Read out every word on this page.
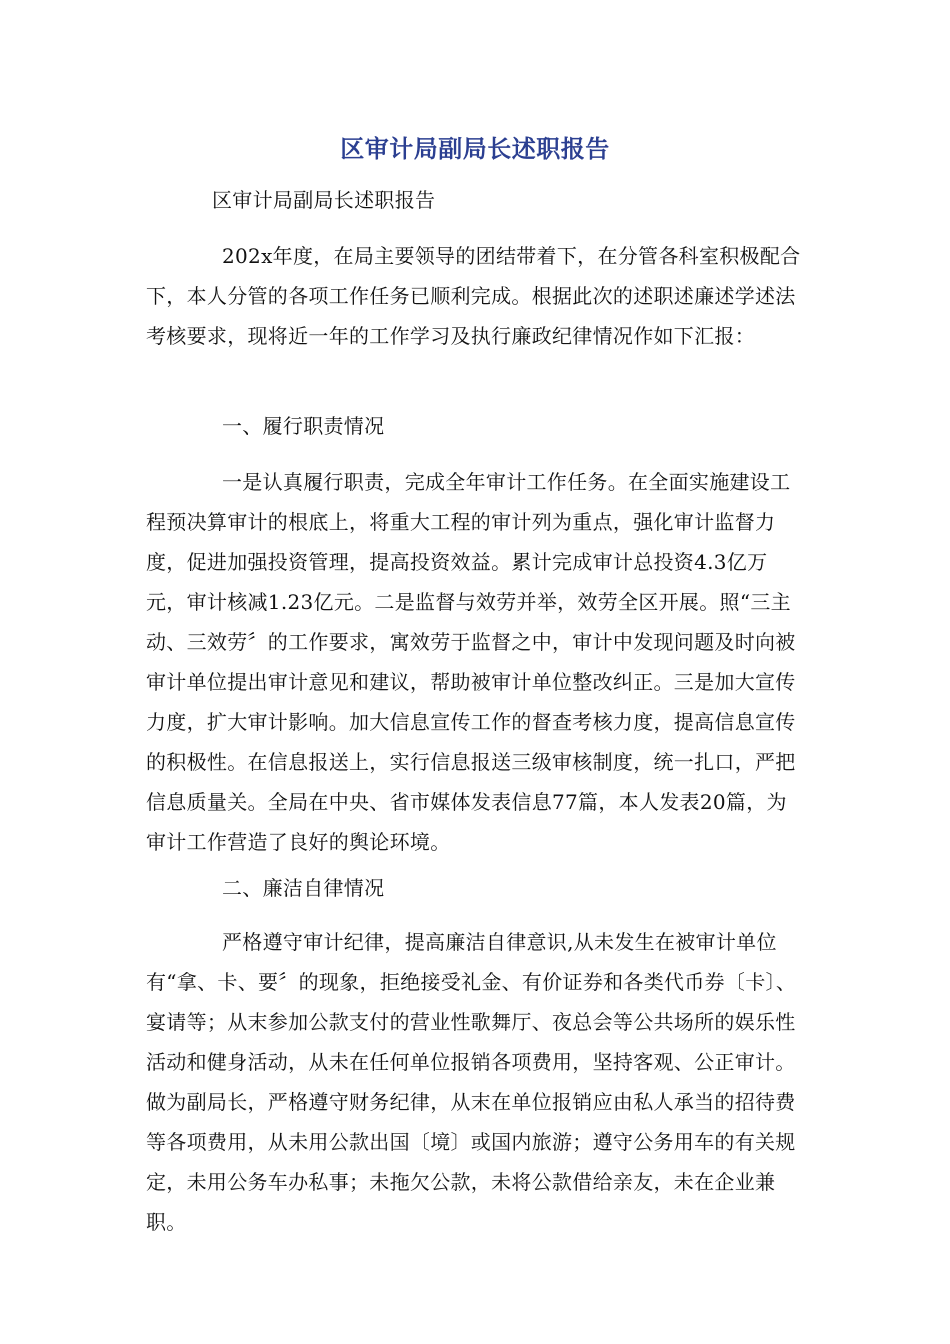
区审计局副局长述职报告
区审计局副局长述职报告

202x年度，在局主要领导的团结带着下，在分管各科室积极配合下，本人分管的各项工作任务已顺利完成。根据此次的述职述廉述学述法考核要求，现将近一年的工作学习及执行廉政纪律情况作如下汇报：

一、履行职责情况

一是认真履行职责，完成全年审计工作任务。在全面实施建设工程预决算审计的根底上，将重大工程的审计列为重点，强化审计监督力度，促进加强投资管理，提高投资效益。累计完成审计总投资4.3亿万元，审计核减1.23亿元。二是监督与效劳并举，效劳全区开展。照“三主动、三效劳〞的工作要求，寓效劳于监督之中，审计中发现问题及时向被审计单位提出审计意见和建议，帮助被审计单位整改纠正。三是加大宣传力度，扩大审计影响。加大信息宣传工作的督查考核力度，提高信息宣传的积极性。在信息报送上，实行信息报送三级审核制度，统一扎口，严把信息质量关。全局在中央、省市媒体发表信息77篇，本人发表20篇，为审计工作营造了良好的舆论环境。

二、廉洁自律情况

严格遵守审计纪律，提高廉洁自律意识,从未发生在被审计单位有“拿、卡、要〞的现象，拒绝接受礼金、有价证券和各类代币券〔卡〕、宴请等；从末参加公款支付的营业性歌舞厅、夜总会等公共场所的娱乐性活动和健身活动，从未在任何单位报销各项费用，坚持客观、公正审计。做为副局长，严格遵守财务纪律，从末在单位报销应由私人承当的招待费等各项费用，从未用公款出国〔境〕或国内旅游；遵守公务用车的有关规定，未用公务车办私事；未拖欠公款，未将公款借给亲友，未在企业兼职。
